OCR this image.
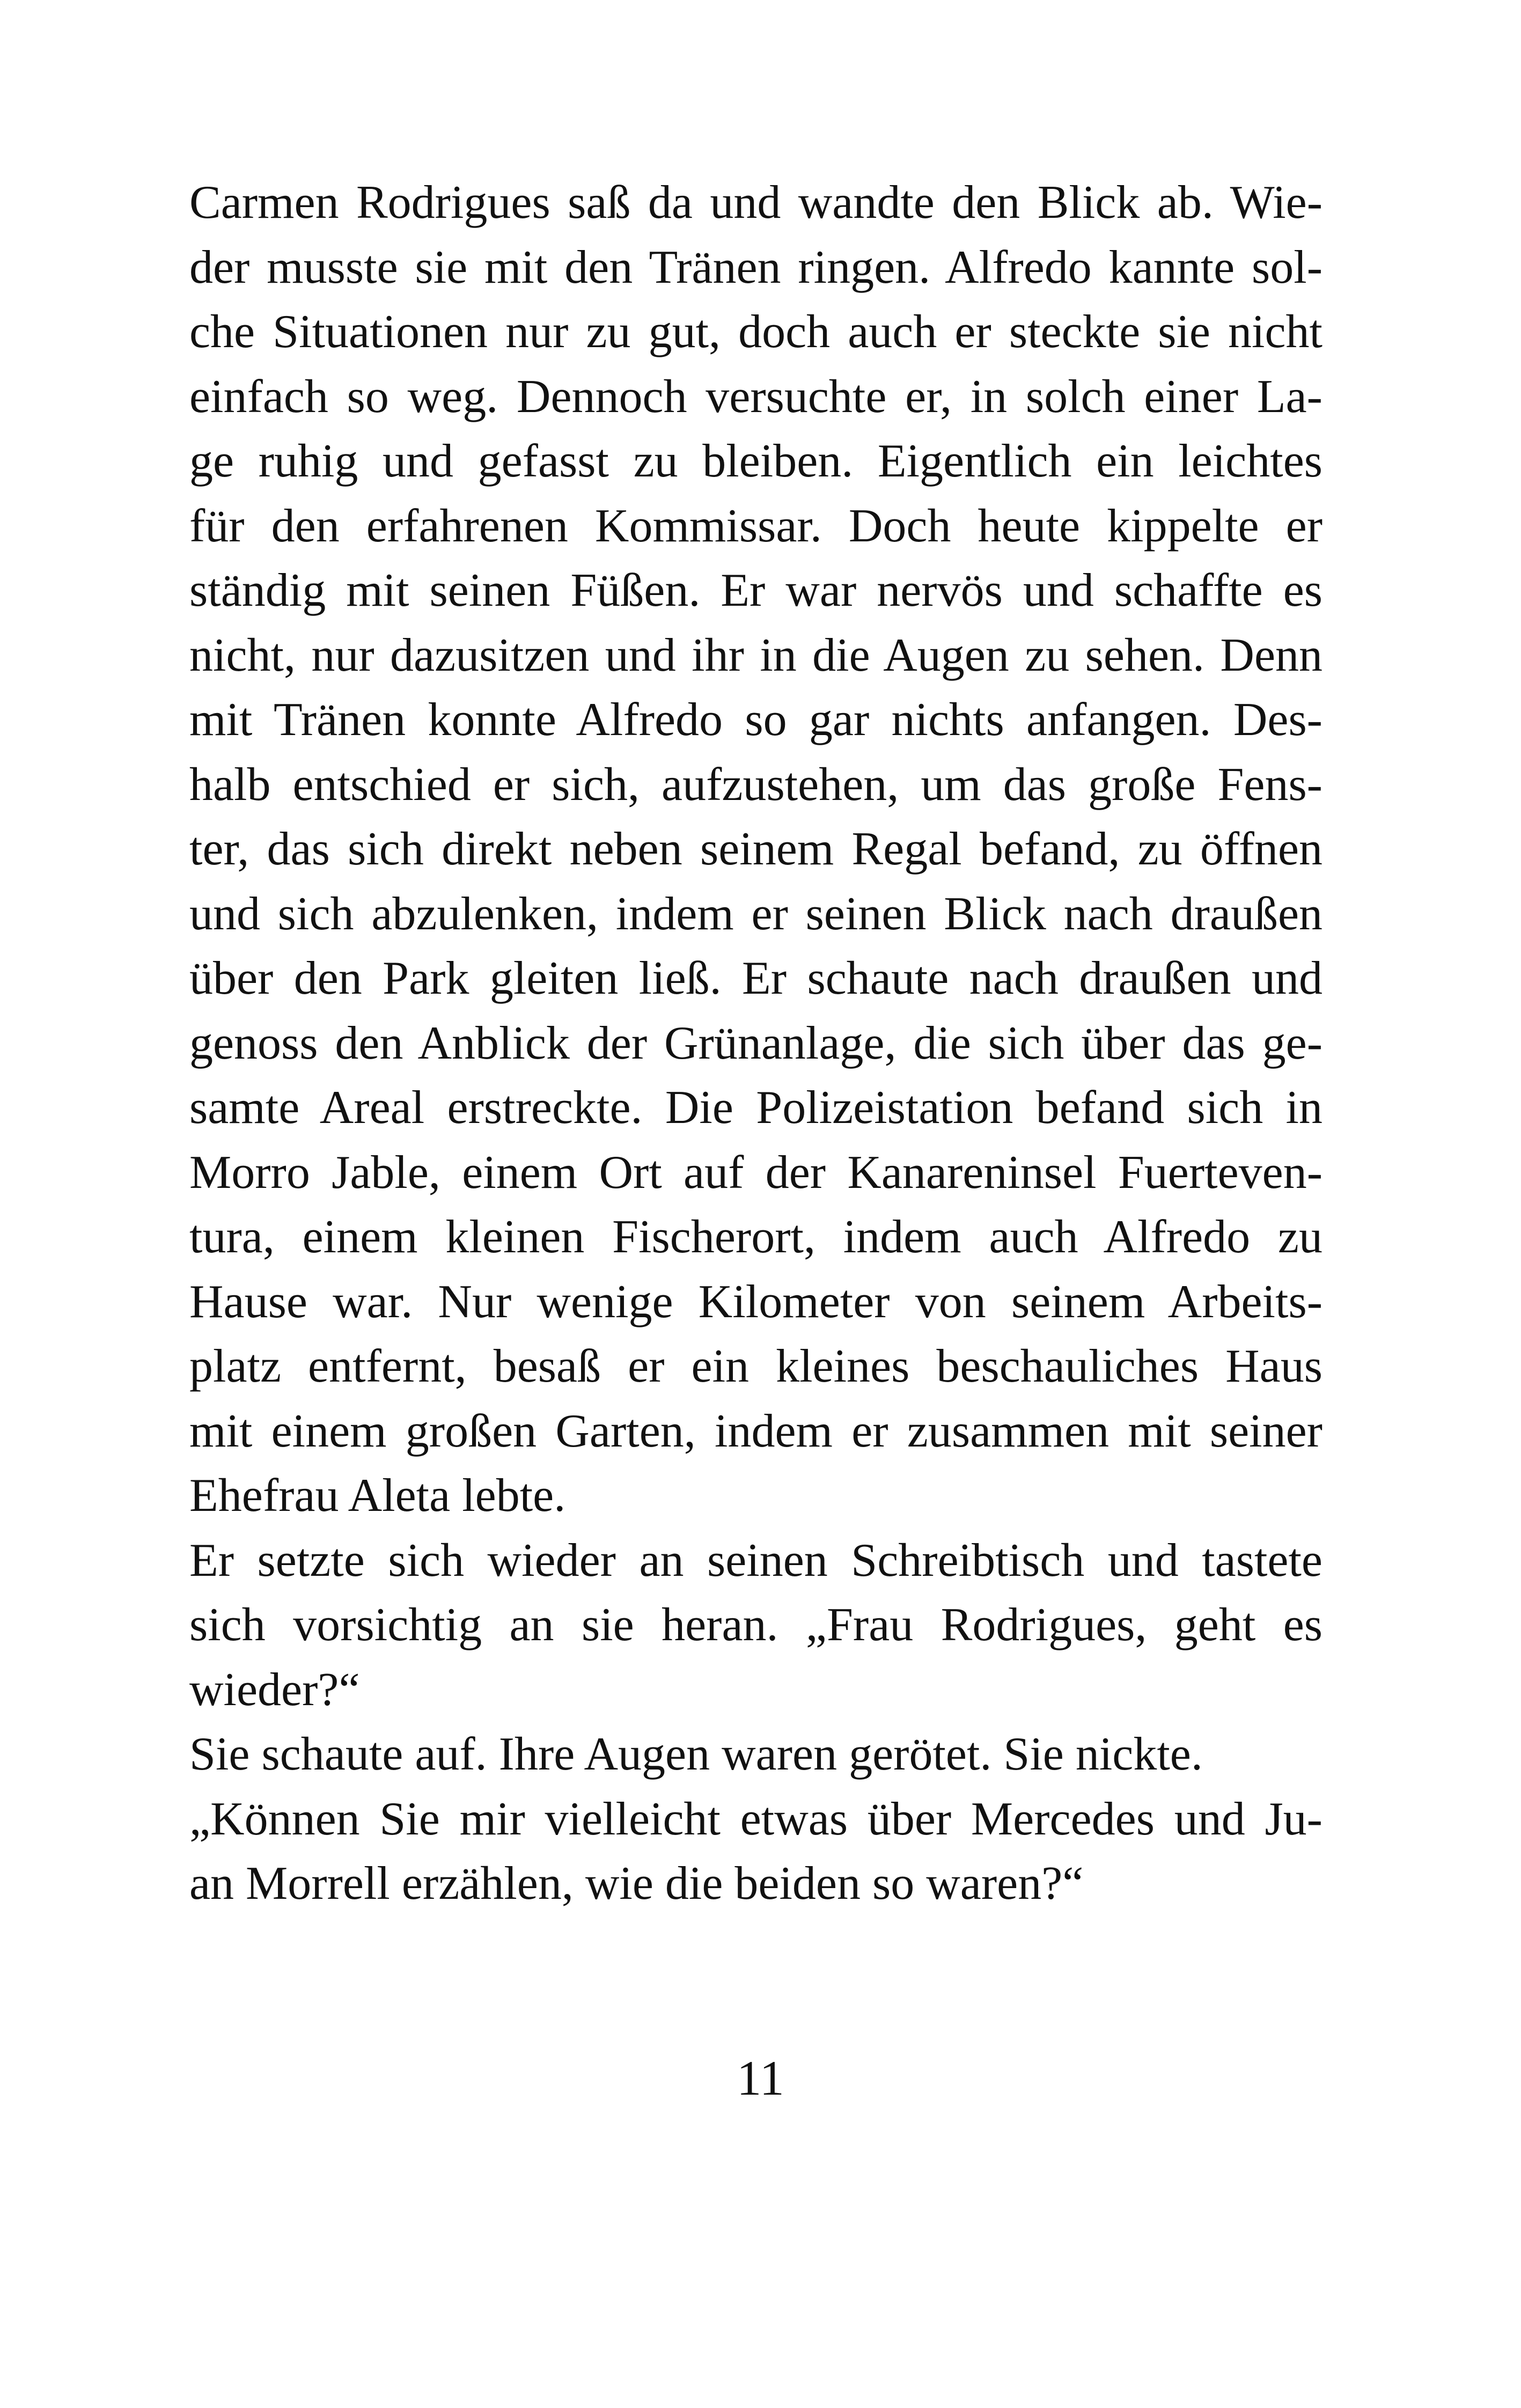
Carmen Rodrigues saß da und wandte den Blick ab. Wie-
der musste sie mit den Tränen ringen. Alfredo kannte sol-
che Situationen nur zu gut, doch auch er steckte sie nicht
einfach so weg. Dennoch versuchte er, in solch einer La-
ge ruhig und gefasst zu bleiben. Eigentlich ein leichtes
für den erfahrenen Kommissar. Doch heute kippelte er
ständig mit seinen Füßen. Er war nervös und schaffte es
nicht, nur dazusitzen und ihr in die Augen zu sehen. Denn
mit Tränen konnte Alfredo so gar nichts anfangen. Des-
halb entschied er sich, aufzustehen, um das große Fens-
ter, das sich direkt neben seinem Regal befand, zu öffnen
und sich abzulenken, indem er seinen Blick nach draußen
über den Park gleiten ließ. Er schaute nach draußen und
genoss den Anblick der Grünanlage, die sich über das ge-
samte Areal erstreckte. Die Polizeistation befand sich in
Morro Jable, einem Ort auf der Kanareninsel Fuerteven-
tura, einem kleinen Fischerort, indem auch Alfredo zu
Hause war. Nur wenige Kilometer von seinem Arbeits-
platz entfernt, besaß er ein kleines beschauliches Haus
mit einem großen Garten, indem er zusammen mit seiner
Ehefrau Aleta lebte.
Er setzte sich wieder an seinen Schreibtisch und tastete
sich vorsichtig an sie heran. „Frau Rodrigues, geht es
wieder?“
Sie schaute auf. Ihre Augen waren gerötet. Sie nickte.
„Können Sie mir vielleicht etwas über Mercedes und Ju-
an Morrell erzählen, wie die beiden so waren?“
11
